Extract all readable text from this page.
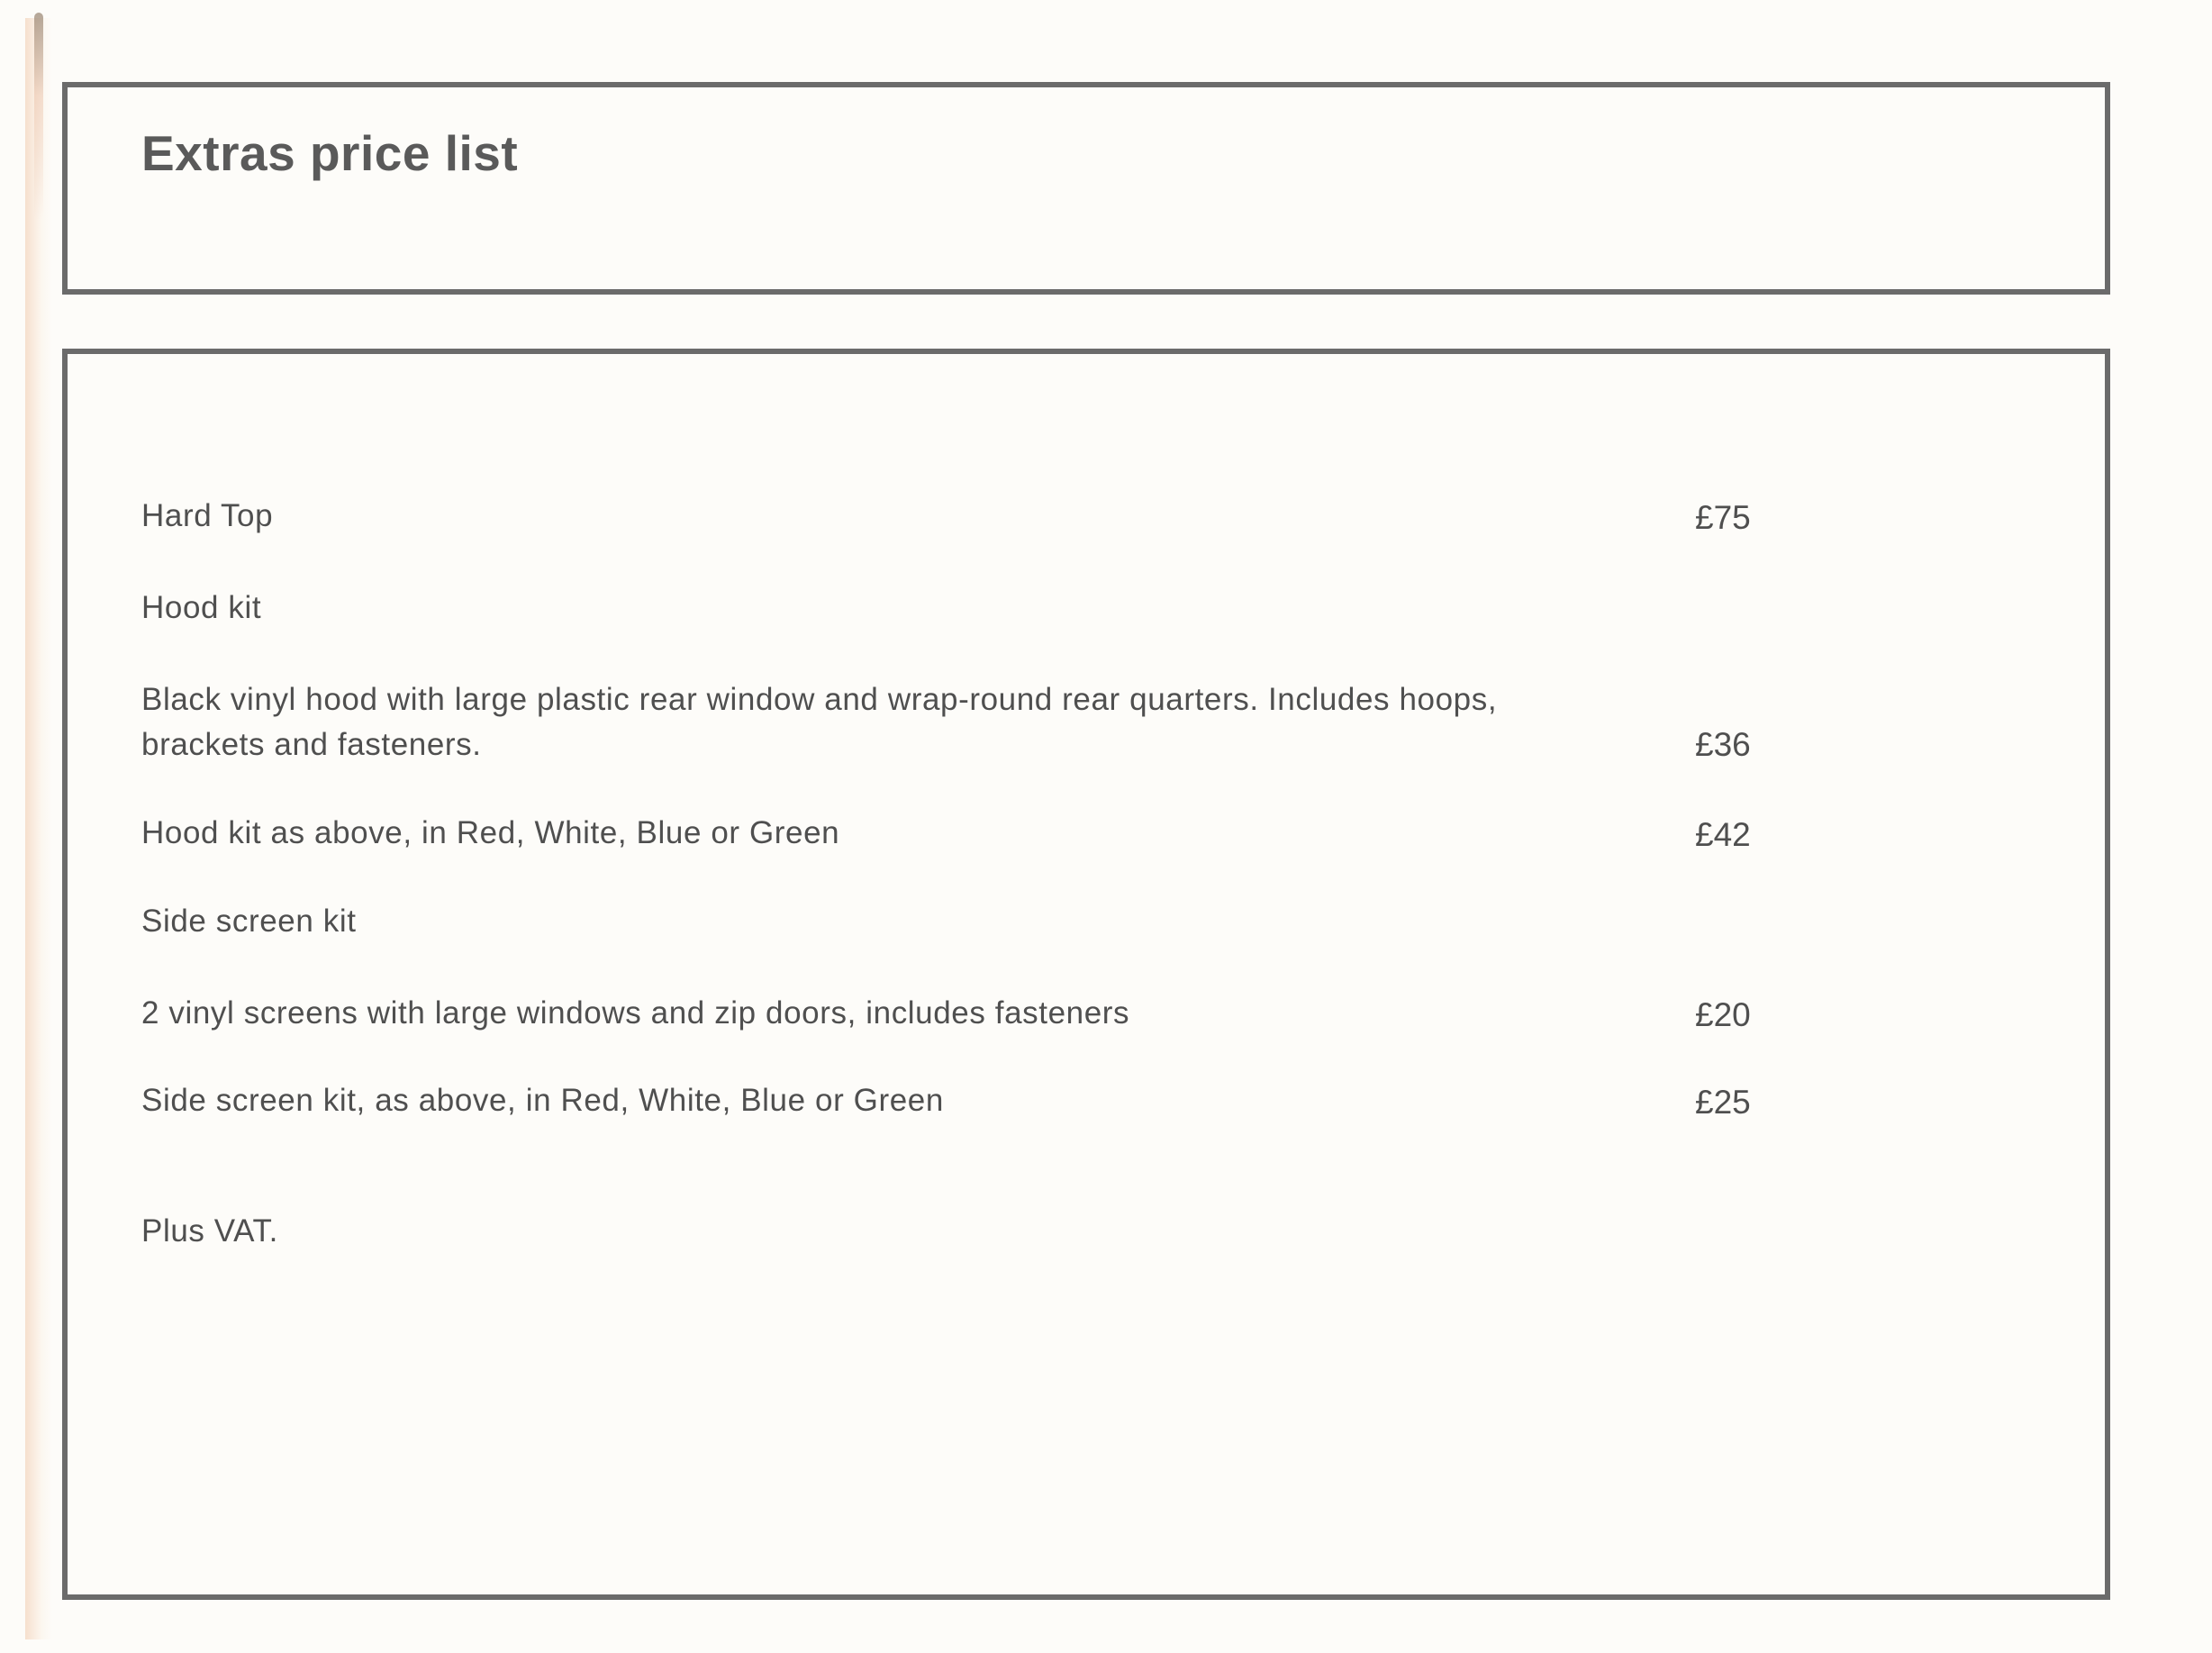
Extras price list
Hard Top	£75
Hood kit
Black vinyl hood with large plastic rear window and wrap-round rear quarters. Includes hoops, brackets and fasteners.	£36
Hood kit as above, in Red, White, Blue or Green	£42
Side screen kit
2 vinyl screens with large windows and zip doors, includes fasteners	£20
Side screen kit, as above, in Red, White, Blue or Green	£25
Plus VAT.
